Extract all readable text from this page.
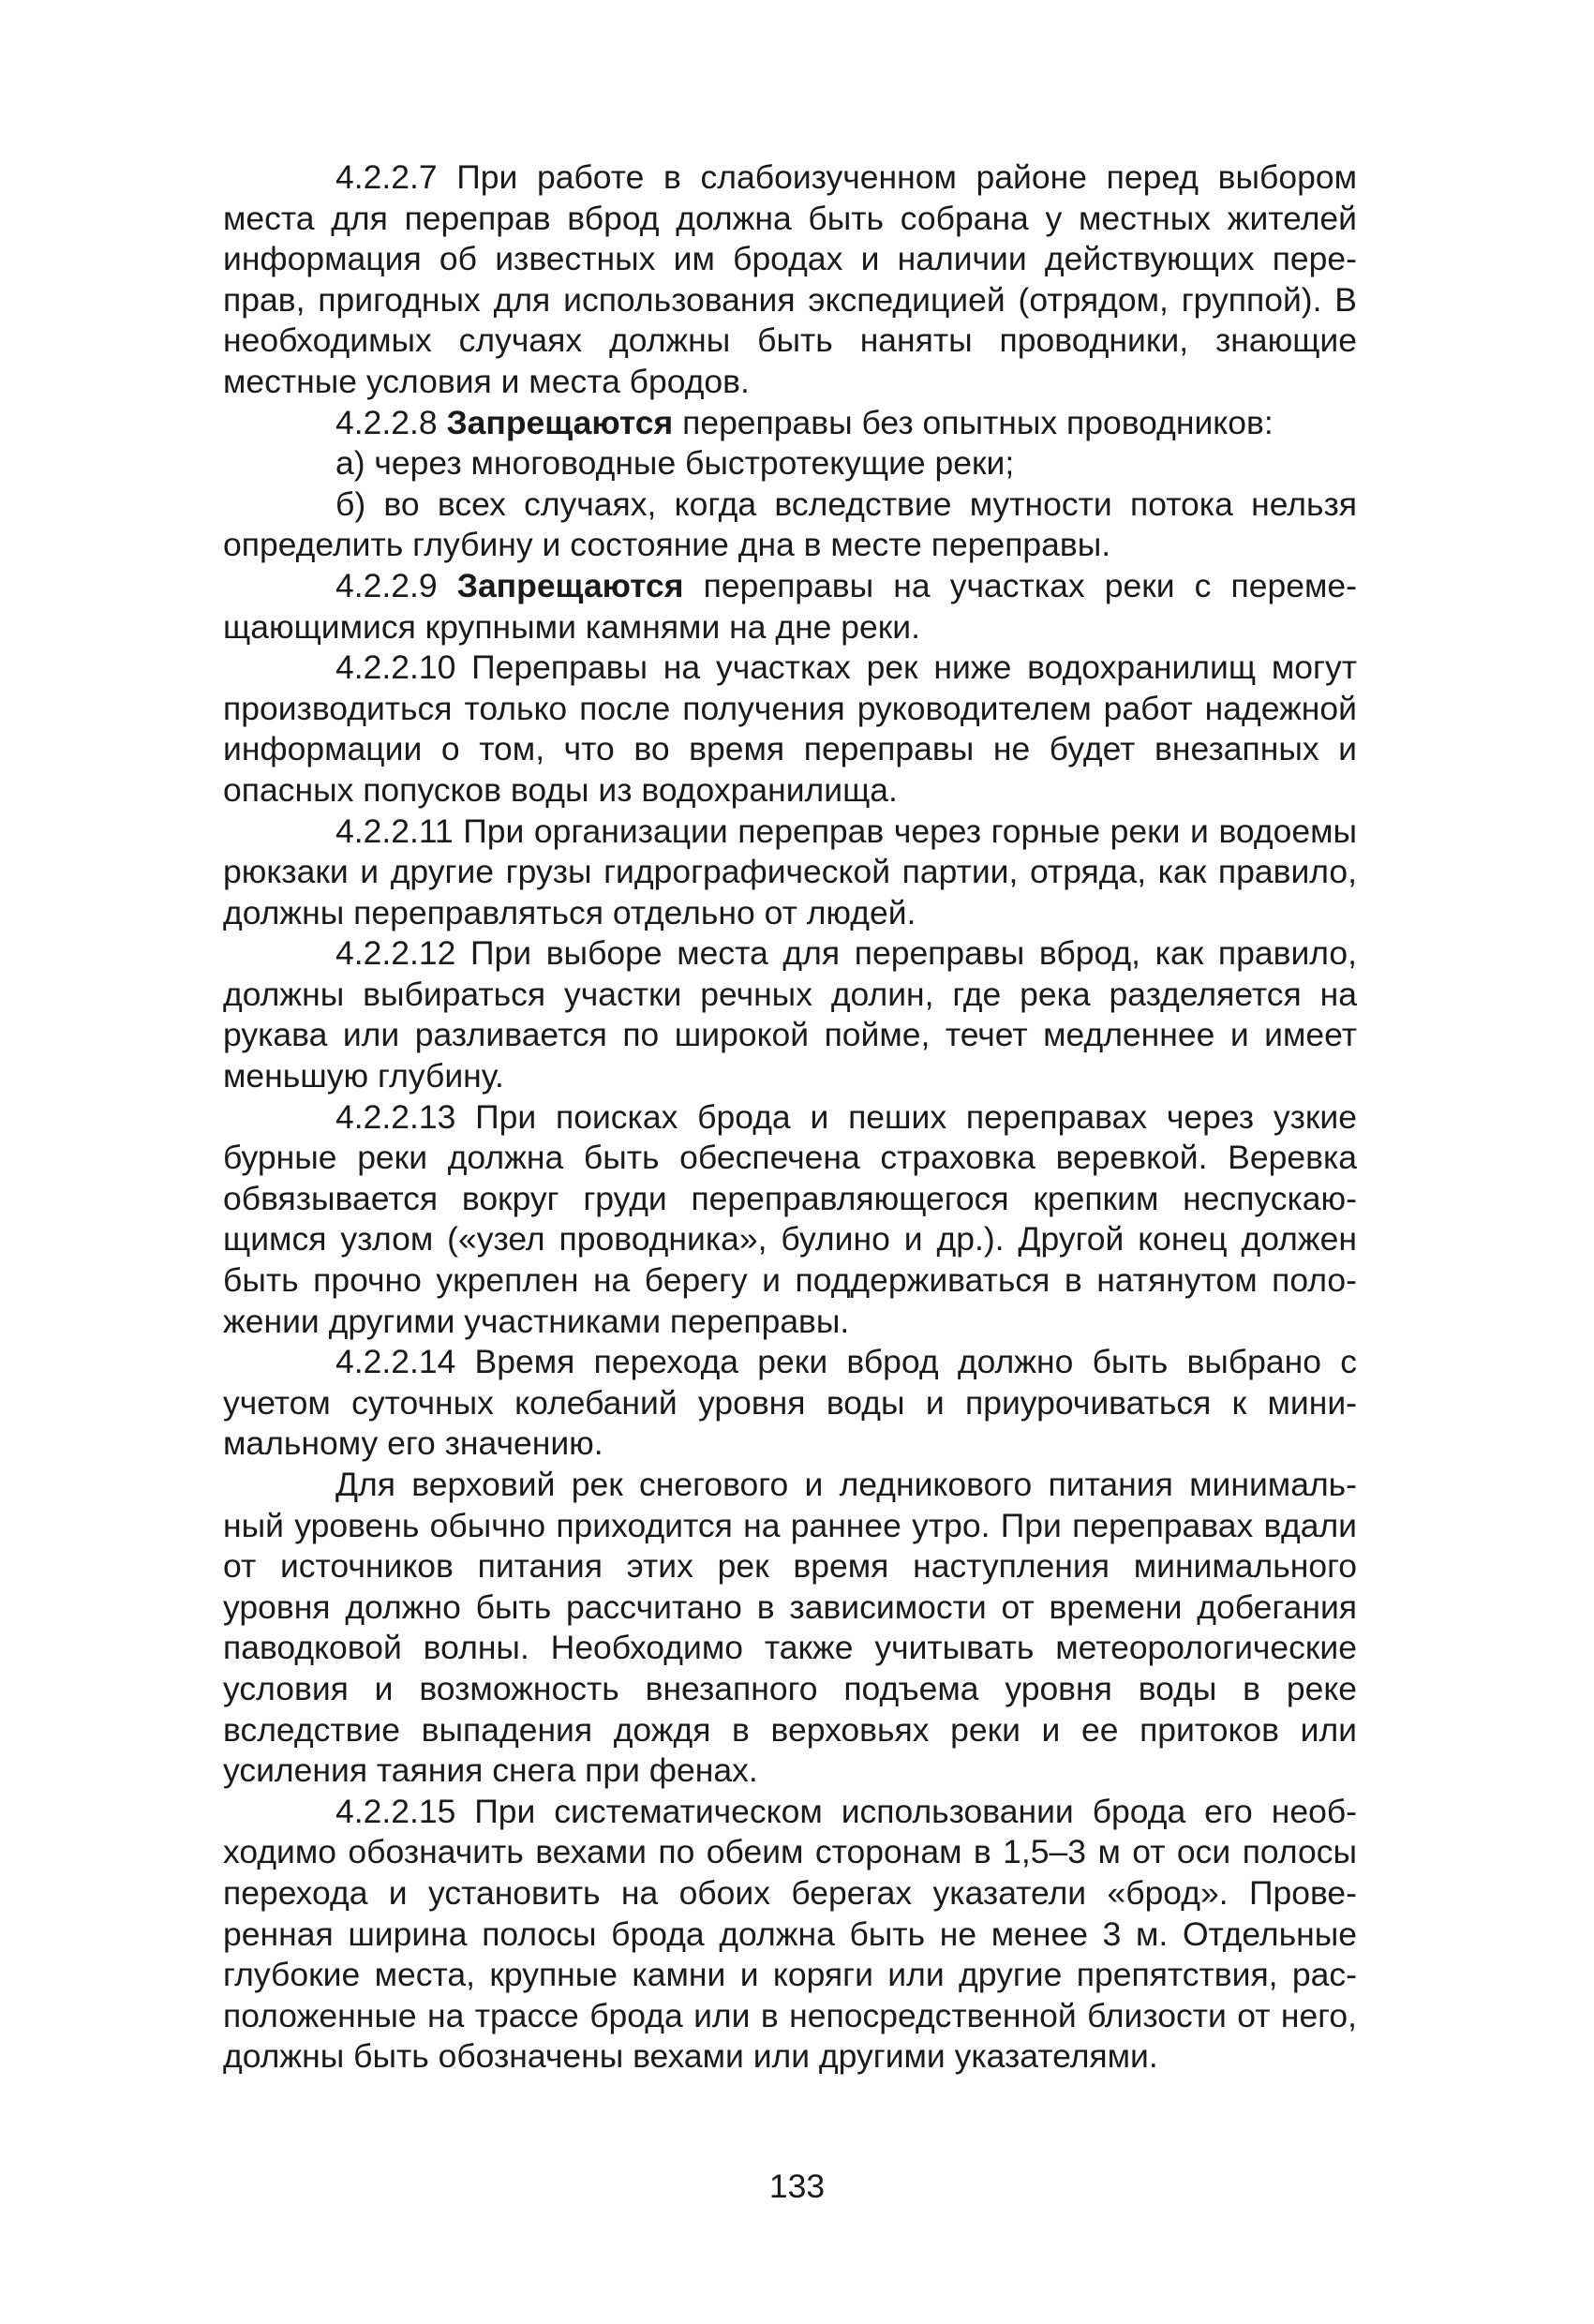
4.2.2.7 При работе в слабоизученном районе перед выбором места для переправ вброд должна быть собрана у местных жителей информация об известных им бродах и наличии действующих переправ, пригодных для использования экспедицией (отрядом, группой). В необходимых случаях должны быть наняты проводники, знающие местные условия и места бродов.

4.2.2.8 Запрещаются переправы без опытных проводников:

а) через многоводные быстротекущие реки;

б) во всех случаях, когда вследствие мутности потока нельзя определить глубину и состояние дна в месте переправы.

4.2.2.9 Запрещаются переправы на участках реки с перемещающимися крупными камнями на дне реки.

4.2.2.10 Переправы на участках рек ниже водохранилищ могут производиться только после получения руководителем работ надежной информации о том, что во время переправы не будет внезапных и опасных попусков воды из водохранилища.

4.2.2.11 При организации переправ через горные реки и водоемы рюкзаки и другие грузы гидрографической партии, отряда, как правило, должны переправляться отдельно от людей.

4.2.2.12 При выборе места для переправы вброд, как правило, должны выбираться участки речных долин, где река разделяется на рукава или разливается по широкой пойме, течет медленнее и имеет меньшую глубину.

4.2.2.13 При поисках брода и пеших переправах через узкие бурные реки должна быть обеспечена страховка веревкой. Веревка обвязывается вокруг груди переправляющегося крепким неспускающимся узлом («узел проводника», булино и др.). Другой конец должен быть прочно укреплен на берегу и поддерживаться в натянутом положении другими участниками переправы.

4.2.2.14 Время перехода реки вброд должно быть выбрано с учетом суточных колебаний уровня воды и приурочиваться к минимальному его значению.

Для верховий рек снегового и ледникового питания минимальный уровень обычно приходится на раннее утро. При переправах вдали от источников питания этих рек время наступления минимального уровня должно быть рассчитано в зависимости от времени добегания паводковой волны. Необходимо также учитывать метеорологические условия и возможность внезапного подъема уровня воды в реке вследствие выпадения дождя в верховьях реки и ее притоков или усиления таяния снега при фенах.

4.2.2.15 При систематическом использовании брода его необходимо обозначить вехами по обеим сторонам в 1,5–3 м от оси полосы перехода и установить на обоих берегах указатели «брод». Проверенная ширина полосы брода должна быть не менее 3 м. Отдельные глубокие места, крупные камни и коряги или другие препятствия, расположенные на трассе брода или в непосредственной близости от него, должны быть обозначены вехами или другими указателями.

133
